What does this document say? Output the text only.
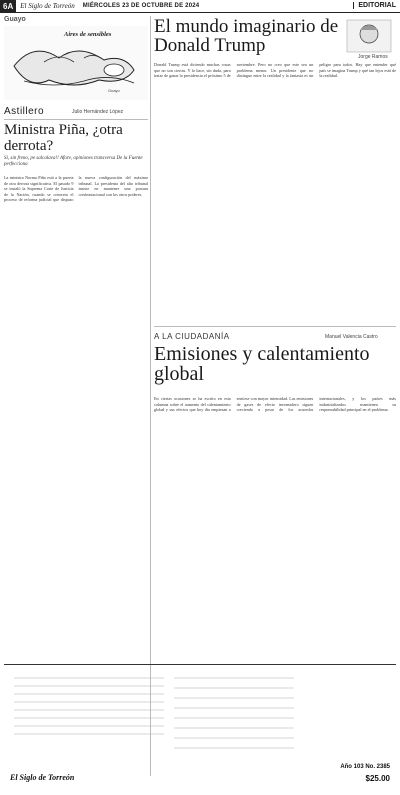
6A	El Siglo de Torreón MIÉRCOLES 23 DE OCTUBRE DE 2024	EDITORIAL
Guayo
Aires de sensibles
Guayo
El mundo imaginario de Donald Trump
Jorge Ramos
Donald Trump está diciendo muchas cosas que no son ciertas. Y lo hace, sin duda, para tratar de ganar la presidencia el próximo 5 de noviembre. Pero no creo que este sea un problema menor. Un presidente que no distingue entre la realidad y la fantasía es un peligro para todos. Hay que entender qué país se imagina Trump y qué tan lejos está de la realidad.
Astillero	Julio Hernández López
Ministra Piña, ¿otra derrota?
Si, sin freno, pe salcalava!! Afore, opiniones transversa De la Fuente perfecciona
La ministra Norma Piña está a la puerta de otra derrota significativa. El pasado 9 se instaló la Suprema Corte de Justicia de la Nación, cuando se concreta el proceso de reforma judicial que dispuso la nueva configuración del máximo tribunal. La presidenta del alto tribunal insiste en mantener una postura confrontacional con los otros poderes.
A LA CIUDADANÍA	Manuel Valencia Castro
Emisiones y calentamiento global
En ciertas ocasiones se ha escrito en esta columna sobre el aumento del calentamiento global y sus efectos que hoy dia empiezan a sentirse con mayor intensidad. Las emisiones de gases de efecto invernadero siguen creciendo a pesar de los acuerdos internacionales, y los países más industrializados mantienen su responsabilidad principal en el problema.
El Siglo de Torreón
Año 103 No. 2385
$25.00
